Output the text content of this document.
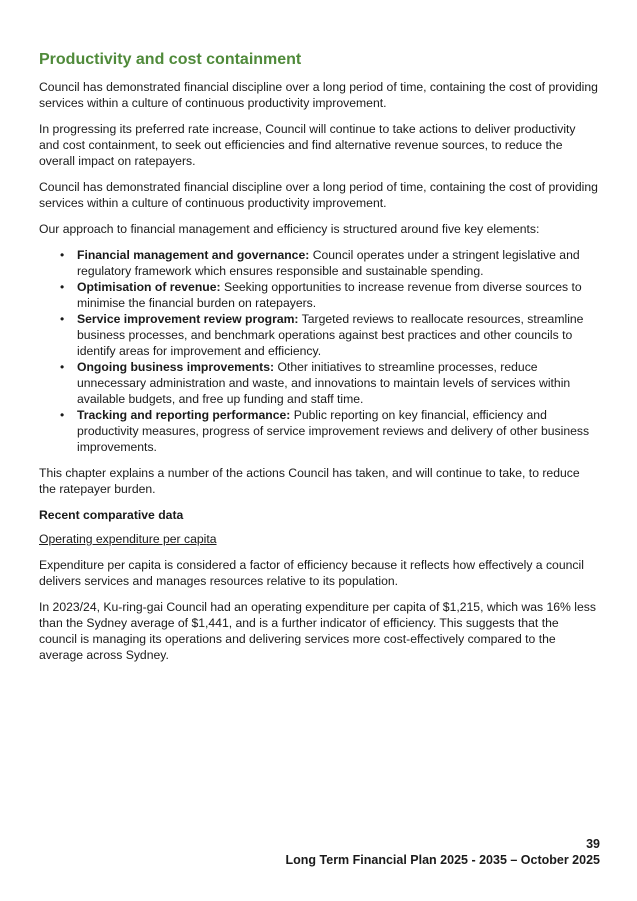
Productivity and cost containment

Council has demonstrated financial discipline over a long period of time, containing the cost of providing services within a culture of continuous productivity improvement.

In progressing its preferred rate increase, Council will continue to take actions to deliver productivity and cost containment, to seek out efficiencies and find alternative revenue sources, to reduce the overall impact on ratepayers.

Council has demonstrated financial discipline over a long period of time, containing the cost of providing services within a culture of continuous productivity improvement.

Our approach to financial management and efficiency is structured around five key elements:

• Financial management and governance: Council operates under a stringent legislative and regulatory framework which ensures responsible and sustainable spending.
• Optimisation of revenue: Seeking opportunities to increase revenue from diverse sources to minimise the financial burden on ratepayers.
• Service improvement review program: Targeted reviews to reallocate resources, streamline business processes, and benchmark operations against best practices and other councils to identify areas for improvement and efficiency.
• Ongoing business improvements: Other initiatives to streamline processes, reduce unnecessary administration and waste, and innovations to maintain levels of services within available budgets, and free up funding and staff time.
• Tracking and reporting performance: Public reporting on key financial, efficiency and productivity measures, progress of service improvement reviews and delivery of other business improvements.

This chapter explains a number of the actions Council has taken, and will continue to take, to reduce the ratepayer burden.

Recent comparative data

Operating expenditure per capita

Expenditure per capita is considered a factor of efficiency because it reflects how effectively a council delivers services and manages resources relative to its population.

In 2023/24, Ku-ring-gai Council had an operating expenditure per capita of $1,215, which was 16% less than the Sydney average of $1,441, and is a further indicator of efficiency. This suggests that the council is managing its operations and delivering services more cost-effectively compared to the average across Sydney.

39
Long Term Financial Plan 2025 - 2035 – October 2025
